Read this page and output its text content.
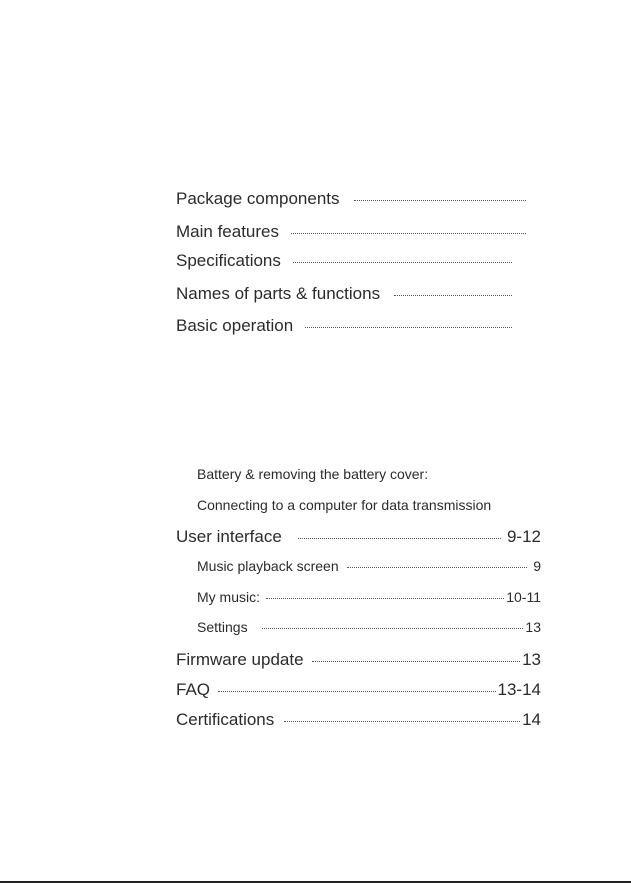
Package components
Main features
Specifications
Names of parts & functions
Basic operation
Battery & removing the battery cover:
Connecting to a computer for data transmission
User interface	9-12
Music playback screen	9
My music:	10-11
Settings	13
Firmware update	13
FAQ	13-14
Certifications	14
